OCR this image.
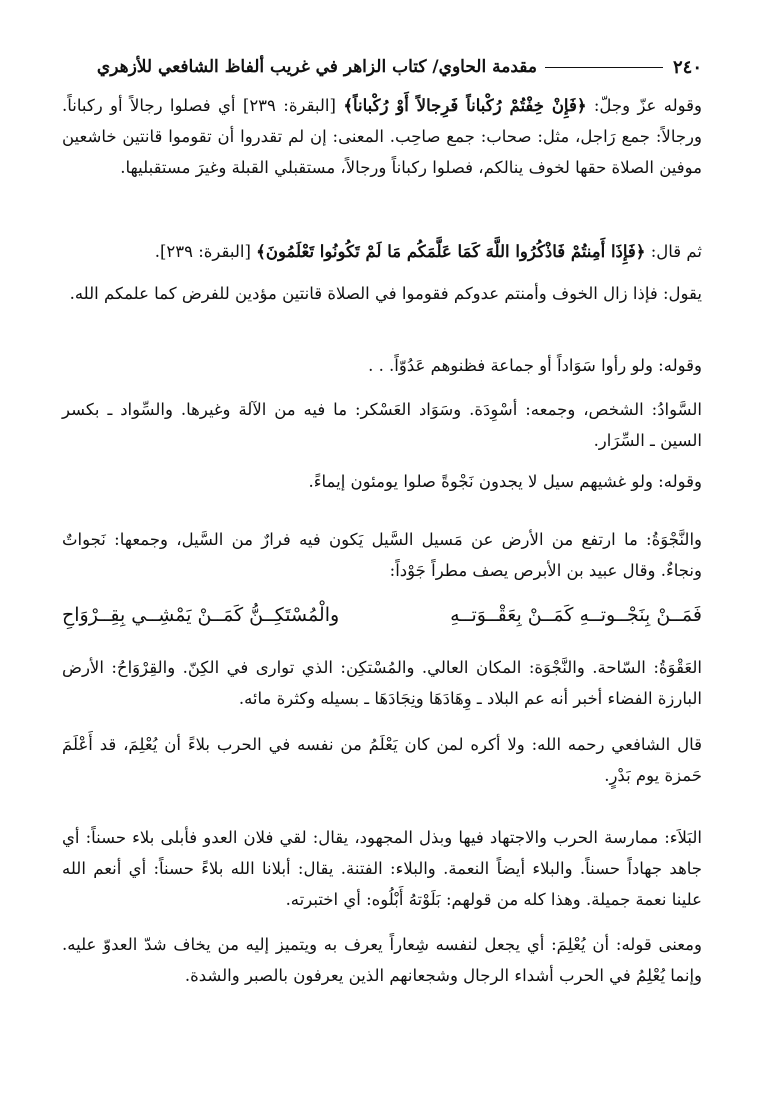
٢٤٠
مقدمة الحاوي/ كتاب الزاهر في غريب ألفاظ الشافعي للأزهري

وقوله عزّ وجلّ: ﴿فَإِنْ خِفْتُمْ رُكْباناً فَرِجالاً أَوْ رُكْباناً﴾ [البقرة: ٢٣٩] أي فصلوا رجالاً أو ركباناً. ورجالاً: جمع رَاجل، مثل: صحاب: جمع صاحِب. المعنى: إن لم تقدروا أن تقوموا قانتين خاشعين موفين الصلاة حقها لخوف ينالكم، فصلوا ركباناً ورجالاً، مستقبلي القبلة وغيرَ مستقبليها.

ثم قال: ﴿فَإِذَا أَمِنتُمْ فَاذْكُرُوا اللَّهَ كَمَا عَلَّمَكُم مَا لَمْ تَكُونُوا تَعْلَمُونَ﴾ [البقرة: ٢٣٩].

يقول: فإذا زال الخوف وأمنتم عدوكم فقوموا في الصلاة قانتين مؤدين للفرض كما علمكم الله.

وقوله: ولو رأوا سَوَاداً أو جماعة فظنوهم عَدُوّاً. . .

السَّوادُ: الشخص، وجمعه: أسْوِدَة. وسَوَاد العَسْكر: ما فيه من الآلة وغيرها. والسِّواد ـ بكسر السين ـ السِّرَار.

وقوله: ولو غشيهم سيل لا يجدون نَجْوةً صلوا يومئون إيماءً.

والنَّجْوَةُ: ما ارتفع من الأرض عن مَسيل السَّيل يَكون فيه فرارٌ من السَّيل، وجمعها: نَجواتٌ ونجاءٌ. وقال عبيد بن الأبرص يصف مطراً جَوْداً:

فَمَــنْ بِنَجْــوتــهِ كَمَــنْ بِعَقْــوَتــهِ
والْمُسْتَكِــنُّ كَمَــنْ يَمْشِــي بِقِــرْوَاحِ

العَقْوَةُ: السّاحة. والنَّجْوَة: المكان العالي. والمُسْتكِن: الذي توارى في الكِنّ. والقِرْوَاحُ: الأرض البارزة الفضاء أخبر أنه عم البلاد ـ وِهَادَهَا ونِجَادَهَا ـ بسيله وكثرة مائه.

قال الشافعي رحمه الله: ولا أكره لمن كان يَعْلَمُ من نفسه في الحرب بلاءً أن يُعْلِمَ، قد أَعْلَمَ حَمزة يوم بَدْرٍ.

البَلاَء: ممارسة الحرب والاجتهاد فيها وبذل المجهود، يقال: لقي فلان العدو فأبلى بلاء حسناً: أي جاهد جهاداً حسناً. والبلاء أيضاً النعمة. والبلاء: الفتنة. يقال: أبلانا الله بلاءً حسناً: أي أنعم الله علينا نعمة جميلة. وهذا كله من قولهم: بَلَوْتهُ أَبْلُوه: أي اختبرته.

ومعنى قوله: أن يُعْلِمَ: أي يجعل لنفسه شِعاراً يعرف به ويتميز إليه من يخاف شدّ العدوّ عليه. وإنما يُعْلِمُ في الحرب أشداء الرجال وشجعانهم الذين يعرفون بالصبر والشدة.
